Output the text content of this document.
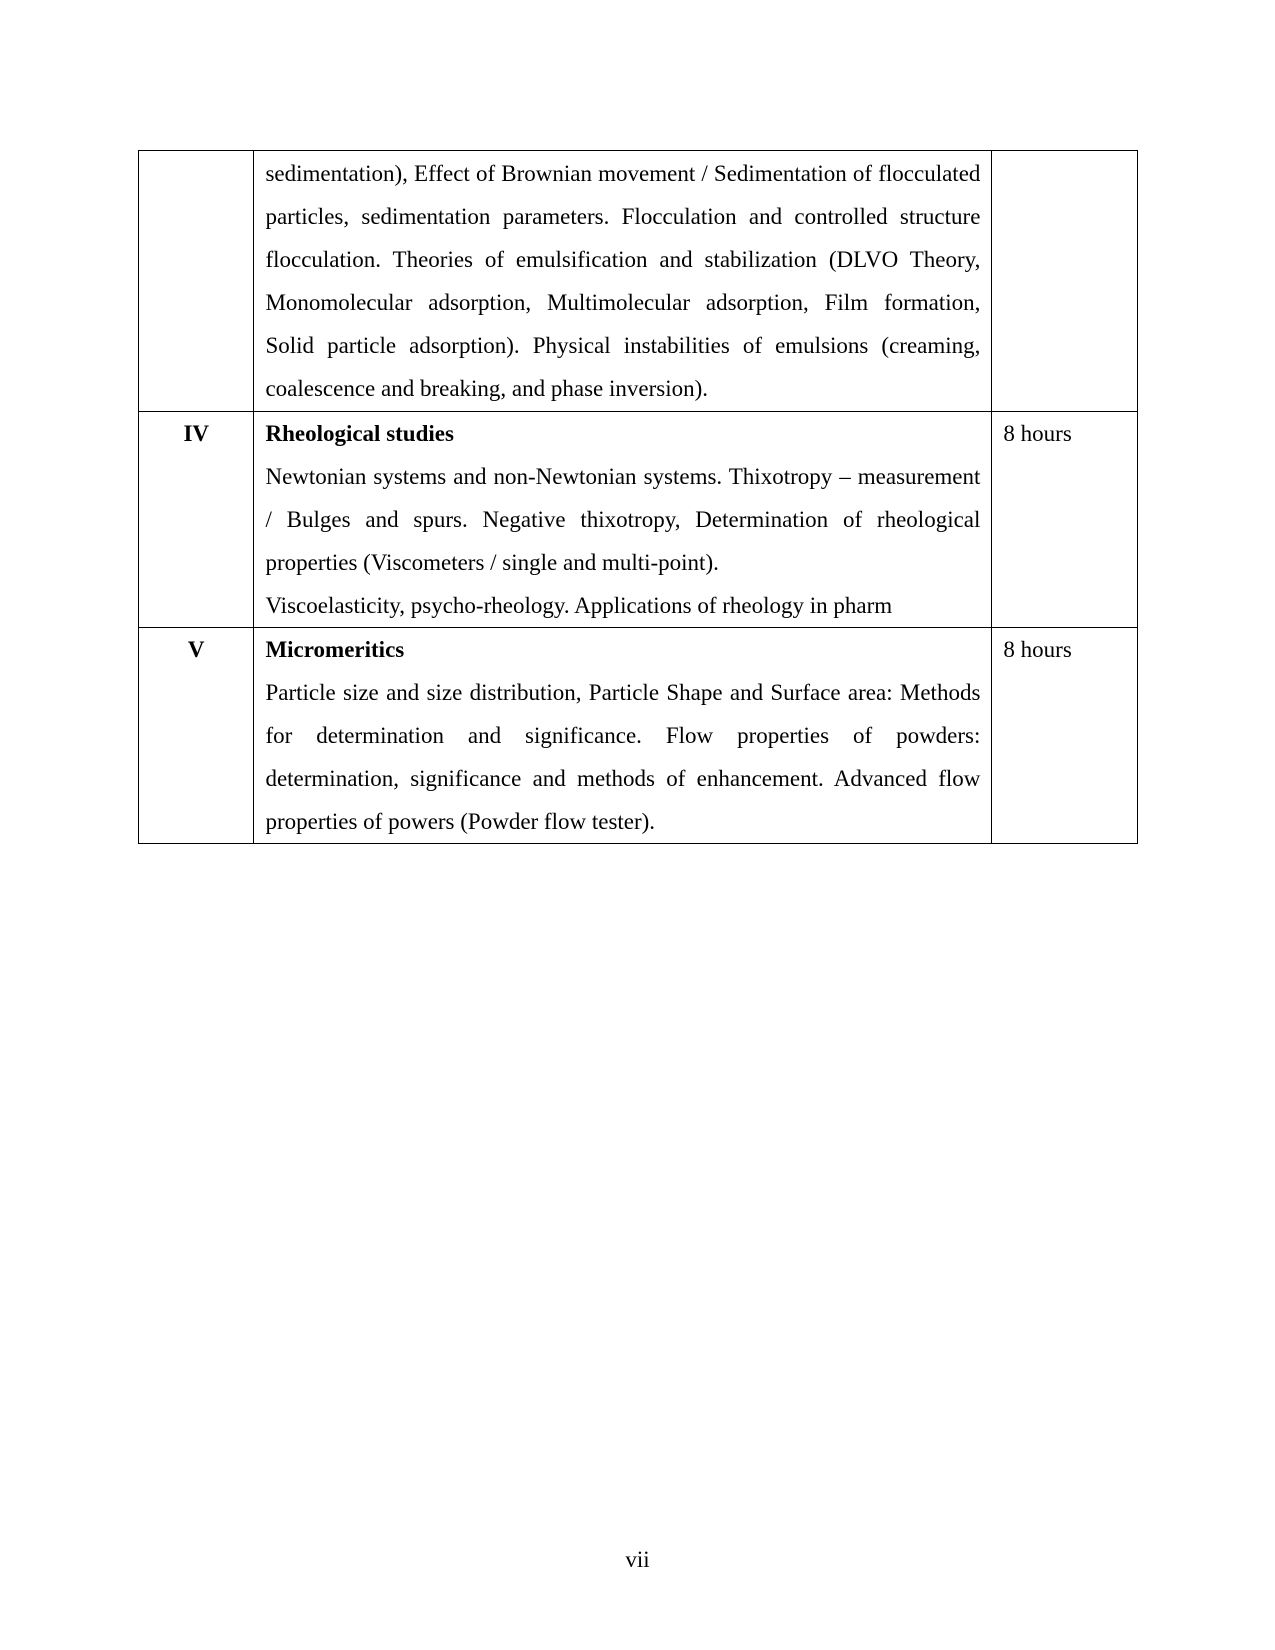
	sedimentation), Effect of Brownian movement / Sedimentation of flocculated particles, sedimentation parameters. Flocculation and controlled structure flocculation. Theories of emulsification and stabilization (DLVO Theory, Monomolecular adsorption, Multimolecular adsorption, Film formation, Solid particle adsorption). Physical instabilities of emulsions (creaming, coalescence and breaking, and phase inversion).	

IV	Rheological studies
Newtonian systems and non-Newtonian systems. Thixotropy – measurement / Bulges and spurs. Negative thixotropy, Determination of rheological properties (Viscometers / single and multi-point).
Viscoelasticity, psycho-rheology. Applications of rheology in pharm	8 hours
V	Micromeritics
Particle size and size distribution, Particle Shape and Surface area: Methods for determination and significance. Flow properties of powders: determination, significance and methods of enhancement. Advanced flow properties of powers (Powder flow tester).	8 hours
vii
